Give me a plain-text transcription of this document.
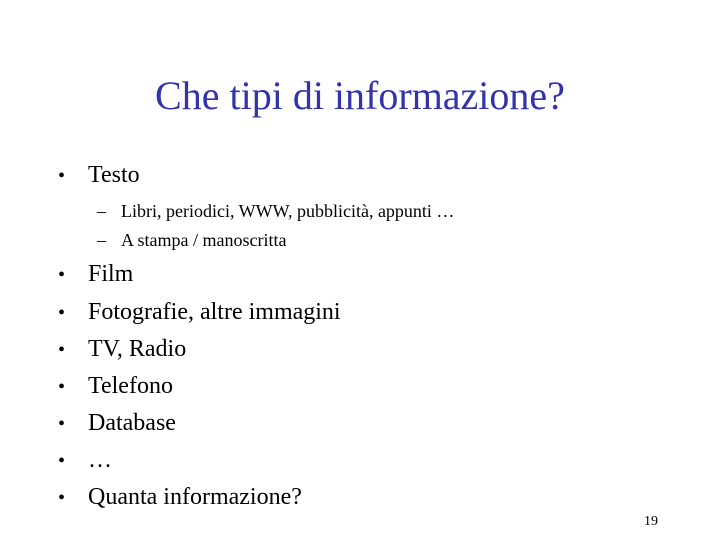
Che tipi di informazione?
• Testo
– Libri, periodici, WWW, pubblicità, appunti …
– A stampa / manoscritta
• Film
• Fotografie, altre immagini
• TV, Radio
• Telefono
• Database
• …
• Quanta informazione?
19
